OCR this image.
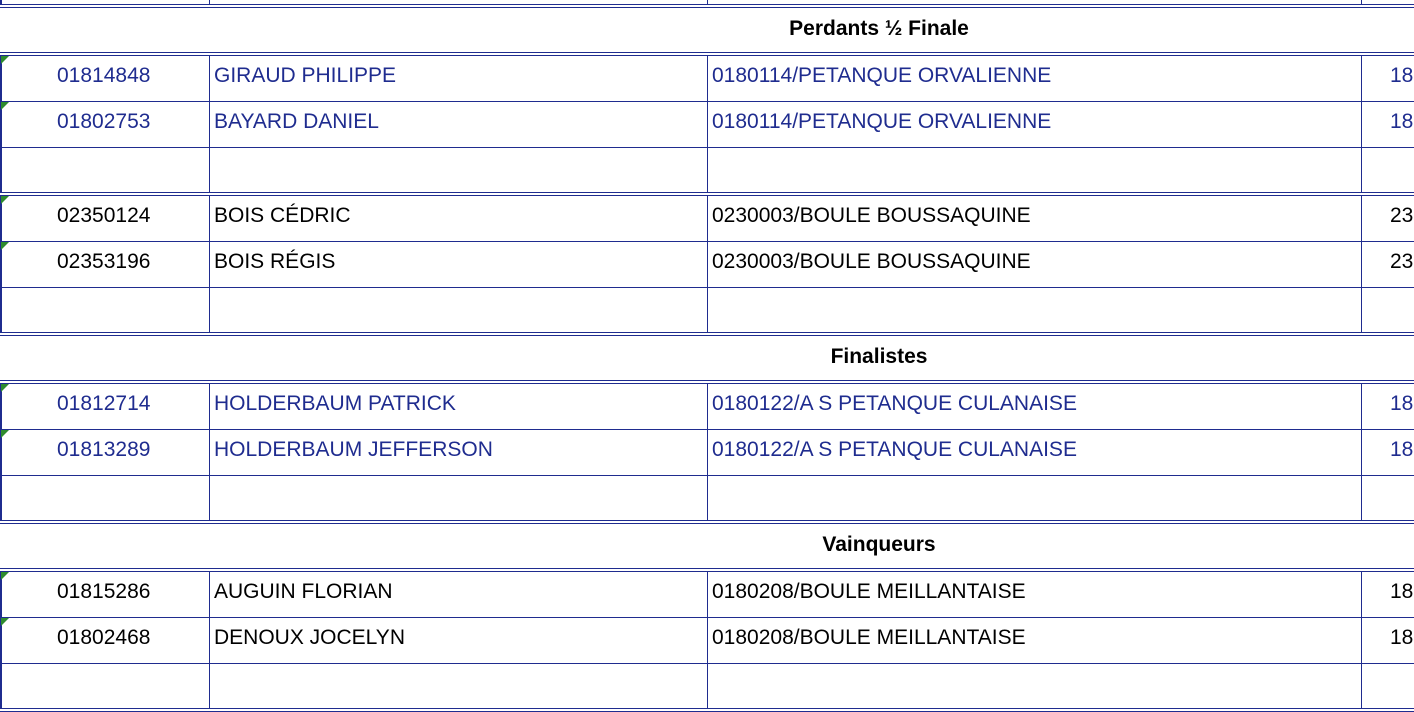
Perdants ½ Finale
01814848	GIRAUD PHILIPPE	0180114/PETANQUE ORVALIENNE	18
01802753	BAYARD DANIEL	0180114/PETANQUE ORVALIENNE	18
02350124	BOIS CÉDRIC	0230003/BOULE BOUSSAQUINE	23
02353196	BOIS RÉGIS	0230003/BOULE BOUSSAQUINE	23
Finalistes
01812714	HOLDERBAUM PATRICK	0180122/A S PETANQUE CULANAISE	18
01813289	HOLDERBAUM JEFFERSON	0180122/A S PETANQUE CULANAISE	18
Vainqueurs
01815286	AUGUIN FLORIAN	0180208/BOULE MEILLANTAISE	18
01802468	DENOUX JOCELYN	0180208/BOULE MEILLANTAISE	18
